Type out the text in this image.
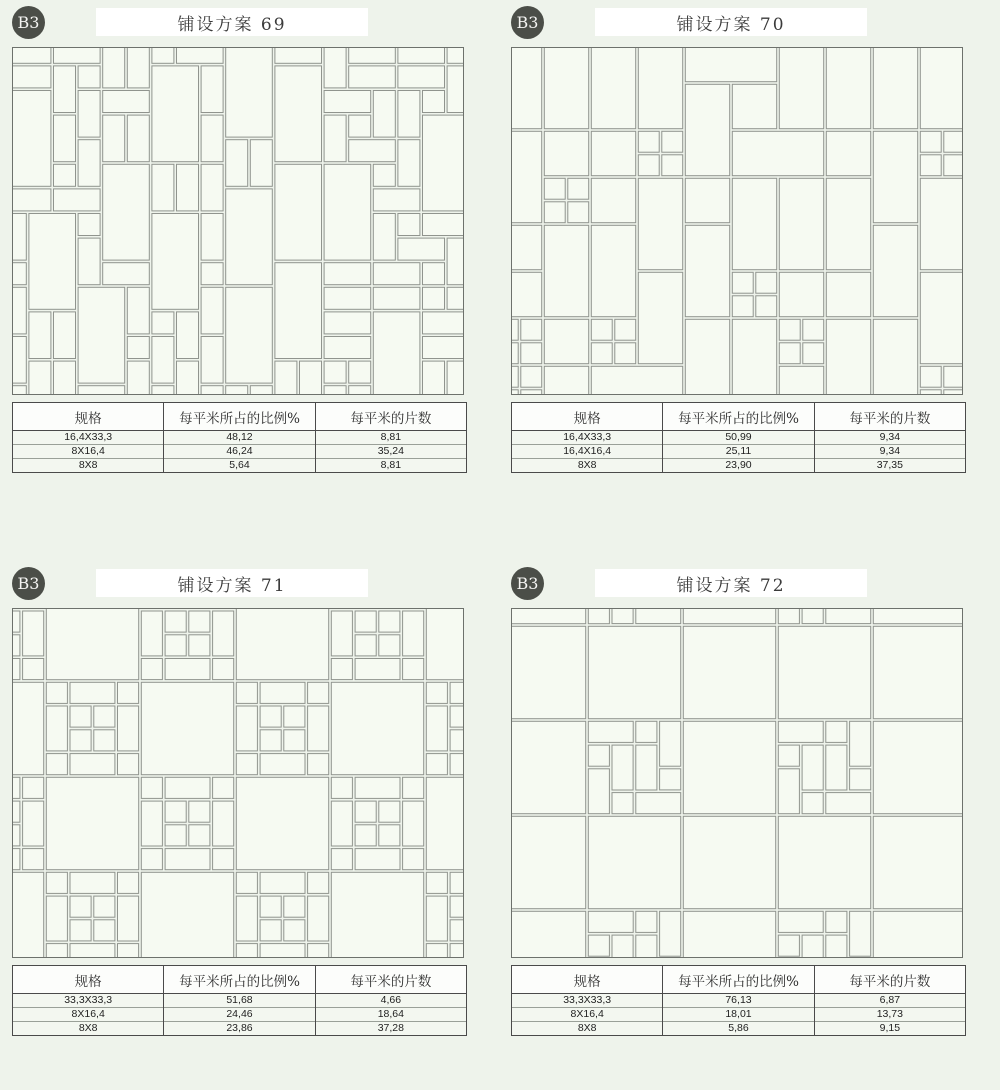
B3	铺设方案 69
规格	每平米所占的比例%	每平米的片数
16,4X33,3	48,12	8,81
8X16,4	46,24	35,24
8X8	5,64	8,81
B3	铺设方案 70
规格	每平米所占的比例%	每平米的片数
16,4X33,3	50,99	9,34
16,4X16,4	25,11	9,34
8X8	23,90	37,35
B3	铺设方案 71
规格	每平米所占的比例%	每平米的片数
33,3X33,3	51,68	4,66
8X16,4	24,46	18,64
8X8	23,86	37,28
B3	铺设方案 72
规格	每平米所占的比例%	每平米的片数
33,3X33,3	76,13	6,87
8X16,4	18,01	13,73
8X8	5,86	9,15
